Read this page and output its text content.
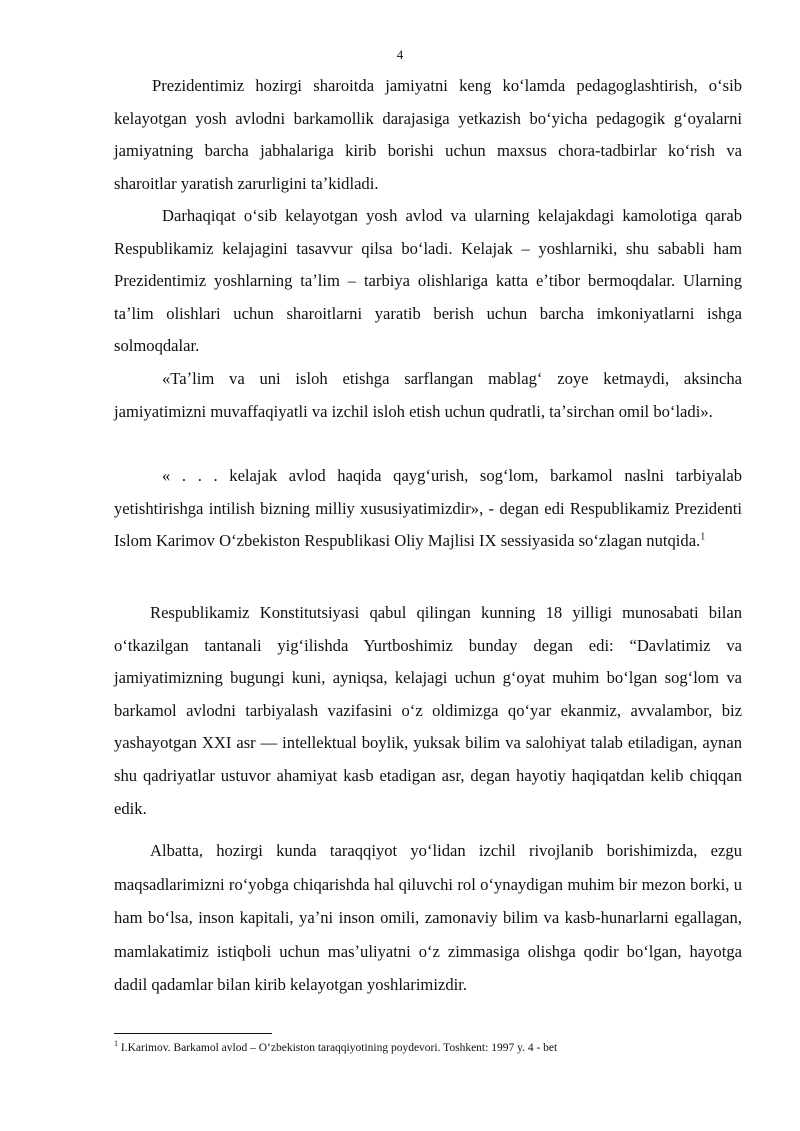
4

Prezidentimiz hozirgi sharoitda jamiyatni keng koʻlamda pedagoglashtirish, oʻsib kelayotgan yosh avlodni barkamollik darajasiga yetkazish boʻyicha pedagogik gʻoyalarni jamiyatning barcha jabhalariga kirib borishi uchun maxsus chora-tadbirlar koʻrish va sharoitlar yaratish zarurligini taʼkidladi.

Darhaqiqat oʻsib kelayotgan yosh avlod va ularning kelajakdagi kamolotiga qarab Respublikamiz kelajagini tasavvur qilsa boʻladi. Kelajak – yoshlarniki, shu sababli ham Prezidentimiz yoshlarning taʼlim – tarbiya olishlariga katta eʼtibor bermoqdalar. Ularning taʼlim olishlari uchun sharoitlarni yaratib berish uchun barcha imkoniyatlarni ishga solmoqdalar.

«Taʼlim va uni isloh etishga sarflangan mablagʻ zoye ketmaydi, aksincha jamiyatimizni muvaffaqiyatli va izchil isloh etish uchun qudratli, taʼsirchan omil boʻladi».

« . . . kelajak avlod haqida qaygʻurish, sogʻlom, barkamol naslni tarbiyalab yetishtirishga intilish bizning milliy xususiyatimizdir», - degan edi Respublikamiz Prezidenti Islom Karimov Oʻzbekiston Respublikasi Oliy Majlisi IX sessiyasida soʻzlagan nutqida.$^1$

Respublikamiz Konstitutsiyasi qabul qilingan kunning 18 yilligi munosabati bilan oʻtkazilgan tantanali yigʻilishda Yurtboshimiz bunday degan edi: “Davlatimiz va jamiyatimizning bugungi kuni, ayniqsa, kelajagi uchun gʻoyat muhim boʻlgan sogʻlom va barkamol avlodni tarbiyalash vazifasini oʻz oldimizga qoʻyar ekanmiz, avvalambor, biz yashayotgan XXI asr — intellektual boylik, yuksak bilim va salohiyat talab etiladigan, aynan shu qadriyatlar ustuvor ahamiyat kasb etadigan asr, degan hayotiy haqiqatdan kelib chiqqan edik.

Albatta, hozirgi kunda taraqqiyot yoʻlidan izchil rivojlanib borishimizda, ezgu maqsadlarimizni roʻyobga chiqarishda hal qiluvchi rol oʻynaydigan muhim bir mezon borki, u ham boʻlsa, inson kapitali, yaʼni inson omili, zamonaviy bilim va kasb-hunarlarni egallagan, mamlakatimiz istiqboli uchun masʼuliyatni oʻz zimmasiga olishga qodir boʻlgan, hayotga dadil qadamlar bilan kirib kelayotgan yoshlarimizdir.

$^1$ I.Karimov. Barkamol avlod – Oʻzbekiston taraqqiyotining poydevori. Toshkent: 1997 y. 4 - bet
